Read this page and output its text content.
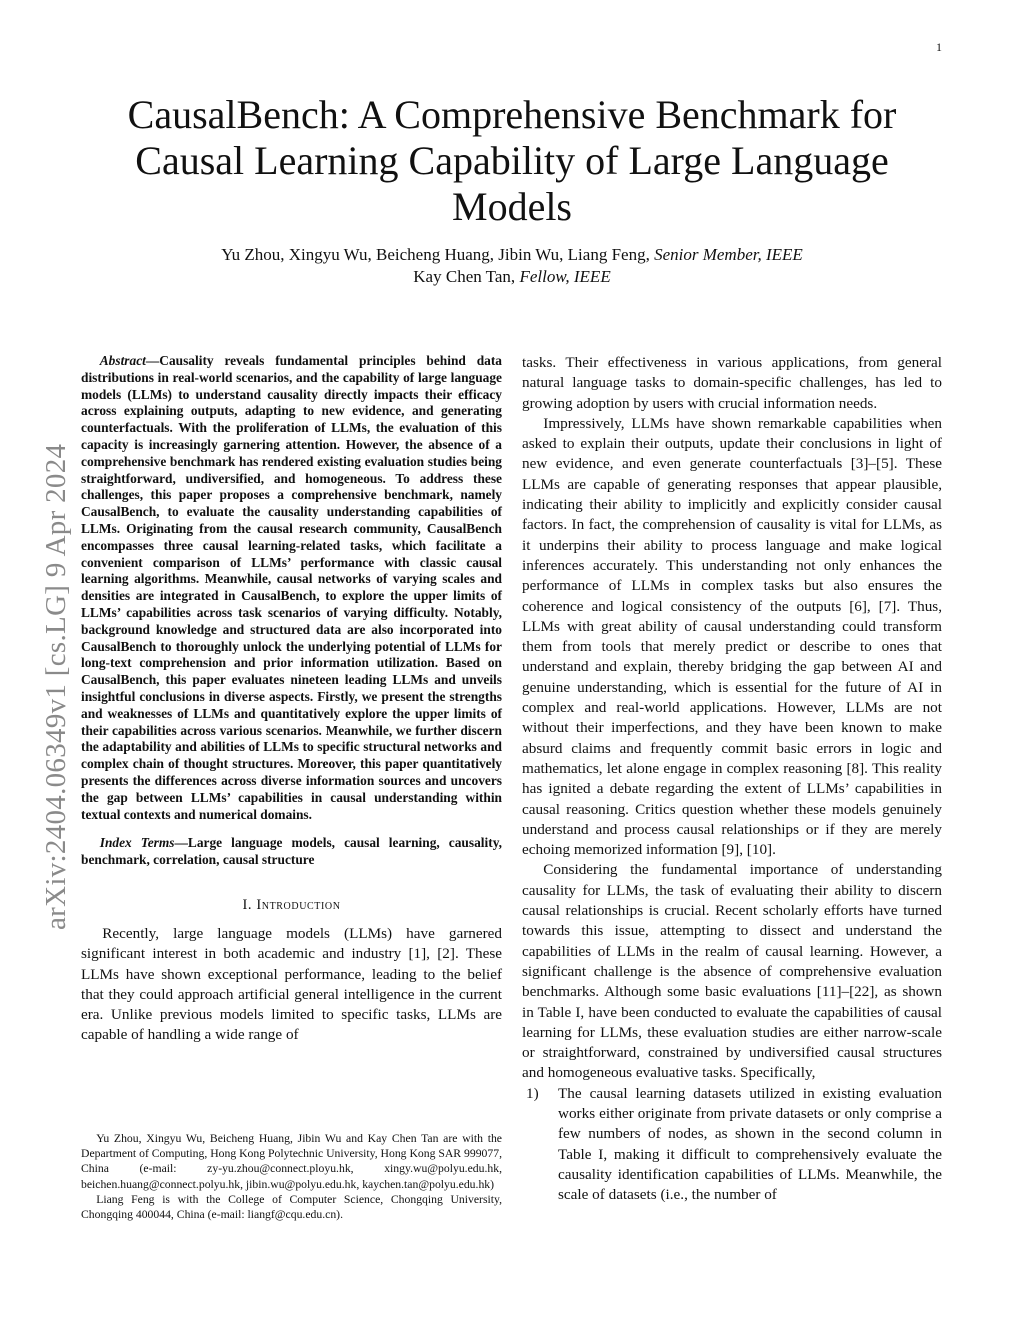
1
arXiv:2404.06349v1 [cs.LG] 9 Apr 2024
CausalBench: A Comprehensive Benchmark for Causal Learning Capability of Large Language Models
Yu Zhou, Xingyu Wu, Beicheng Huang, Jibin Wu, Liang Feng, Senior Member, IEEE
Kay Chen Tan, Fellow, IEEE

Abstract—Causality reveals fundamental principles behind data distributions in real-world scenarios, and the capability of large language models (LLMs) to understand causality directly impacts their efficacy across explaining outputs, adapting to new evidence, and generating counterfactuals. With the proliferation of LLMs, the evaluation of this capacity is increasingly garnering attention. However, the absence of a comprehensive benchmark has rendered existing evaluation studies being straightforward, undiversified, and homogeneous. To address these challenges, this paper proposes a comprehensive benchmark, namely CausalBench, to evaluate the causality understanding capabilities of LLMs. Originating from the causal research community, CausalBench encompasses three causal learning-related tasks, which facilitate a convenient comparison of LLMs’ performance with classic causal learning algorithms. Meanwhile, causal networks of varying scales and densities are integrated in CausalBench, to explore the upper limits of LLMs’ capabilities across task scenarios of varying difficulty. Notably, background knowledge and structured data are also incorporated into CausalBench to thoroughly unlock the underlying potential of LLMs for long-text comprehension and prior information utilization. Based on CausalBench, this paper evaluates nineteen leading LLMs and unveils insightful conclusions in diverse aspects. Firstly, we present the strengths and weaknesses of LLMs and quantitatively explore the upper limits of their capabilities across various scenarios. Meanwhile, we further discern the adaptability and abilities of LLMs to specific structural networks and complex chain of thought structures. Moreover, this paper quantitatively presents the differences across diverse information sources and uncovers the gap between LLMs’ capabilities in causal understanding within textual contexts and numerical domains.

Index Terms—Large language models, causal learning, causality, benchmark, correlation, causal structure

I. Introduction

Recently, large language models (LLMs) have garnered significant interest in both academic and industry [1], [2]. These LLMs have shown exceptional performance, leading to the belief that they could approach artificial general intelligence in the current era. Unlike previous models limited to specific tasks, LLMs are capable of handling a wide range of

Yu Zhou, Xingyu Wu, Beicheng Huang, Jibin Wu and Kay Chen Tan are with the Department of Computing, Hong Kong Polytechnic University, Hong Kong SAR 999077, China (e-mail: zy-yu.zhou@connect.ployu.hk, xingy.wu@polyu.edu.hk, beichen.huang@connect.polyu.hk, jibin.wu@polyu.edu.hk, kaychen.tan@polyu.edu.hk)

Liang Feng is with the College of Computer Science, Chongqing University, Chongqing 400044, China (e-mail: liangf@cqu.edu.cn).

tasks. Their effectiveness in various applications, from general natural language tasks to domain-specific challenges, has led to growing adoption by users with crucial information needs.

Impressively, LLMs have shown remarkable capabilities when asked to explain their outputs, update their conclusions in light of new evidence, and even generate counterfactuals [3]–[5]. These LLMs are capable of generating responses that appear plausible, indicating their ability to implicitly and explicitly consider causal factors. In fact, the comprehension of causality is vital for LLMs, as it underpins their ability to process language and make logical inferences accurately. This understanding not only enhances the performance of LLMs in complex tasks but also ensures the coherence and logical consistency of the outputs [6], [7]. Thus, LLMs with great ability of causal understanding could transform them from tools that merely predict or describe to ones that understand and explain, thereby bridging the gap between AI and genuine understanding, which is essential for the future of AI in complex and real-world applications. However, LLMs are not without their imperfections, and they have been known to make absurd claims and frequently commit basic errors in logic and mathematics, let alone engage in complex reasoning [8]. This reality has ignited a debate regarding the extent of LLMs’ capabilities in causal reasoning. Critics question whether these models genuinely understand and process causal relationships or if they are merely echoing memorized information [9], [10].

Considering the fundamental importance of understanding causality for LLMs, the task of evaluating their ability to discern causal relationships is crucial. Recent scholarly efforts have turned towards this issue, attempting to dissect and understand the capabilities of LLMs in the realm of causal learning. However, a significant challenge is the absence of comprehensive evaluation benchmarks. Although some basic evaluations [11]–[22], as shown in Table I, have been conducted to evaluate the capabilities of causal learning for LLMs, these evaluation studies are either narrow-scale or straightforward, constrained by undiversified causal structures and homogeneous evaluative tasks. Specifically,

1)	The causal learning datasets utilized in existing evaluation works either originate from private datasets or only comprise a few numbers of nodes, as shown in the second column in Table I, making it difficult to comprehensively evaluate the causality identification capabilities of LLMs. Meanwhile, the scale of datasets (i.e., the number of
